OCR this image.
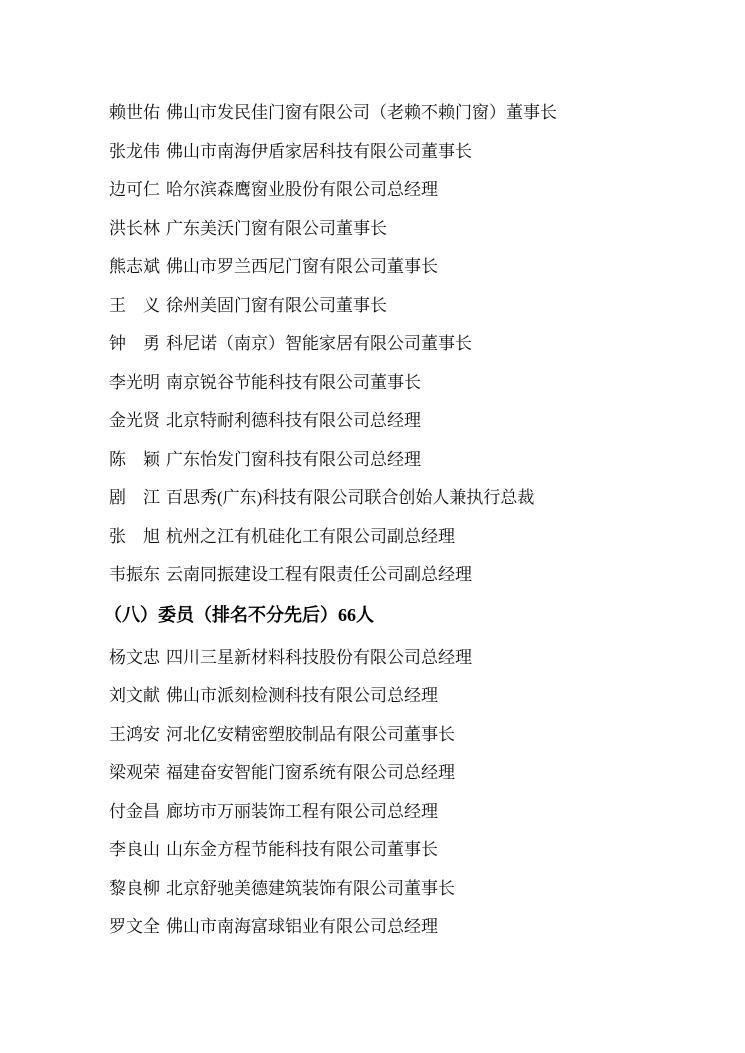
赖世佑 佛山市发民佳门窗有限公司（老赖不赖门窗）董事长
张龙伟 佛山市南海伊盾家居科技有限公司董事长
边可仁 哈尔滨森鹰窗业股份有限公司总经理
洪长林 广东美沃门窗有限公司董事长
熊志斌 佛山市罗兰西尼门窗有限公司董事长
王　义 徐州美固门窗有限公司董事长
钟　勇 科尼诺（南京）智能家居有限公司董事长
李光明 南京锐谷节能科技有限公司董事长
金光贤 北京特耐利德科技有限公司总经理
陈　颖 广东怡发门窗科技有限公司总经理
剧　江 百思秀(广东)科技有限公司联合创始人兼执行总裁
张　旭 杭州之江有机硅化工有限公司副总经理
韦振东 云南同振建设工程有限责任公司副总经理
（八）委员（排名不分先后）66人
杨文忠 四川三星新材料科技股份有限公司总经理
刘文献 佛山市派刻检测科技有限公司总经理
王鸿安 河北亿安精密塑胶制品有限公司董事长
梁观荣 福建奋安智能门窗系统有限公司总经理
付金昌 廊坊市万丽装饰工程有限公司总经理
李良山 山东金方程节能科技有限公司董事长
黎良柳 北京舒驰美德建筑装饰有限公司董事长
罗文全 佛山市南海富球铝业有限公司总经理
